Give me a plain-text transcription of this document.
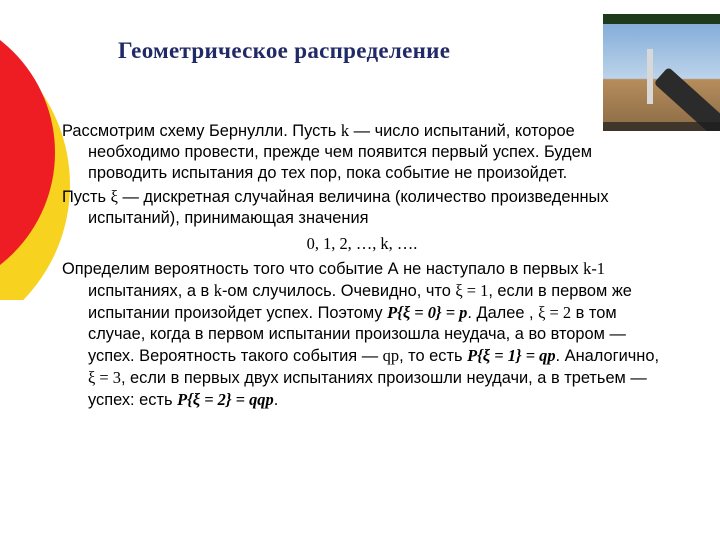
Геометрическое распределение

Рассмотрим схему Бернулли. Пусть k — число испытаний, которое необходимо провести, прежде чем появится первый успех. Будем проводить испытания до тех пор, пока событие не произойдет.

Пусть ξ — дискретная случайная величина (количество произведенных испытаний), принимающая значения

0, 1, 2, …, k, ….

Определим вероятность того что событие А не наступало в первых k-1 испытаниях, а в k-ом случилось. Очевидно, что ξ = 1, если в первом же испытании произойдет успех. Поэтому P{ξ = 0} = p. Далее , ξ = 2 в том случае, когда в первом испытании произошла неудача, а во втором — успех. Вероятность такого события — qp, то есть P{ξ = 1} = qp. Аналогично, ξ = 3, если в первых двух испытаниях произошли неудачи, а в третьем — успех: есть P{ξ = 2} = qqp.
